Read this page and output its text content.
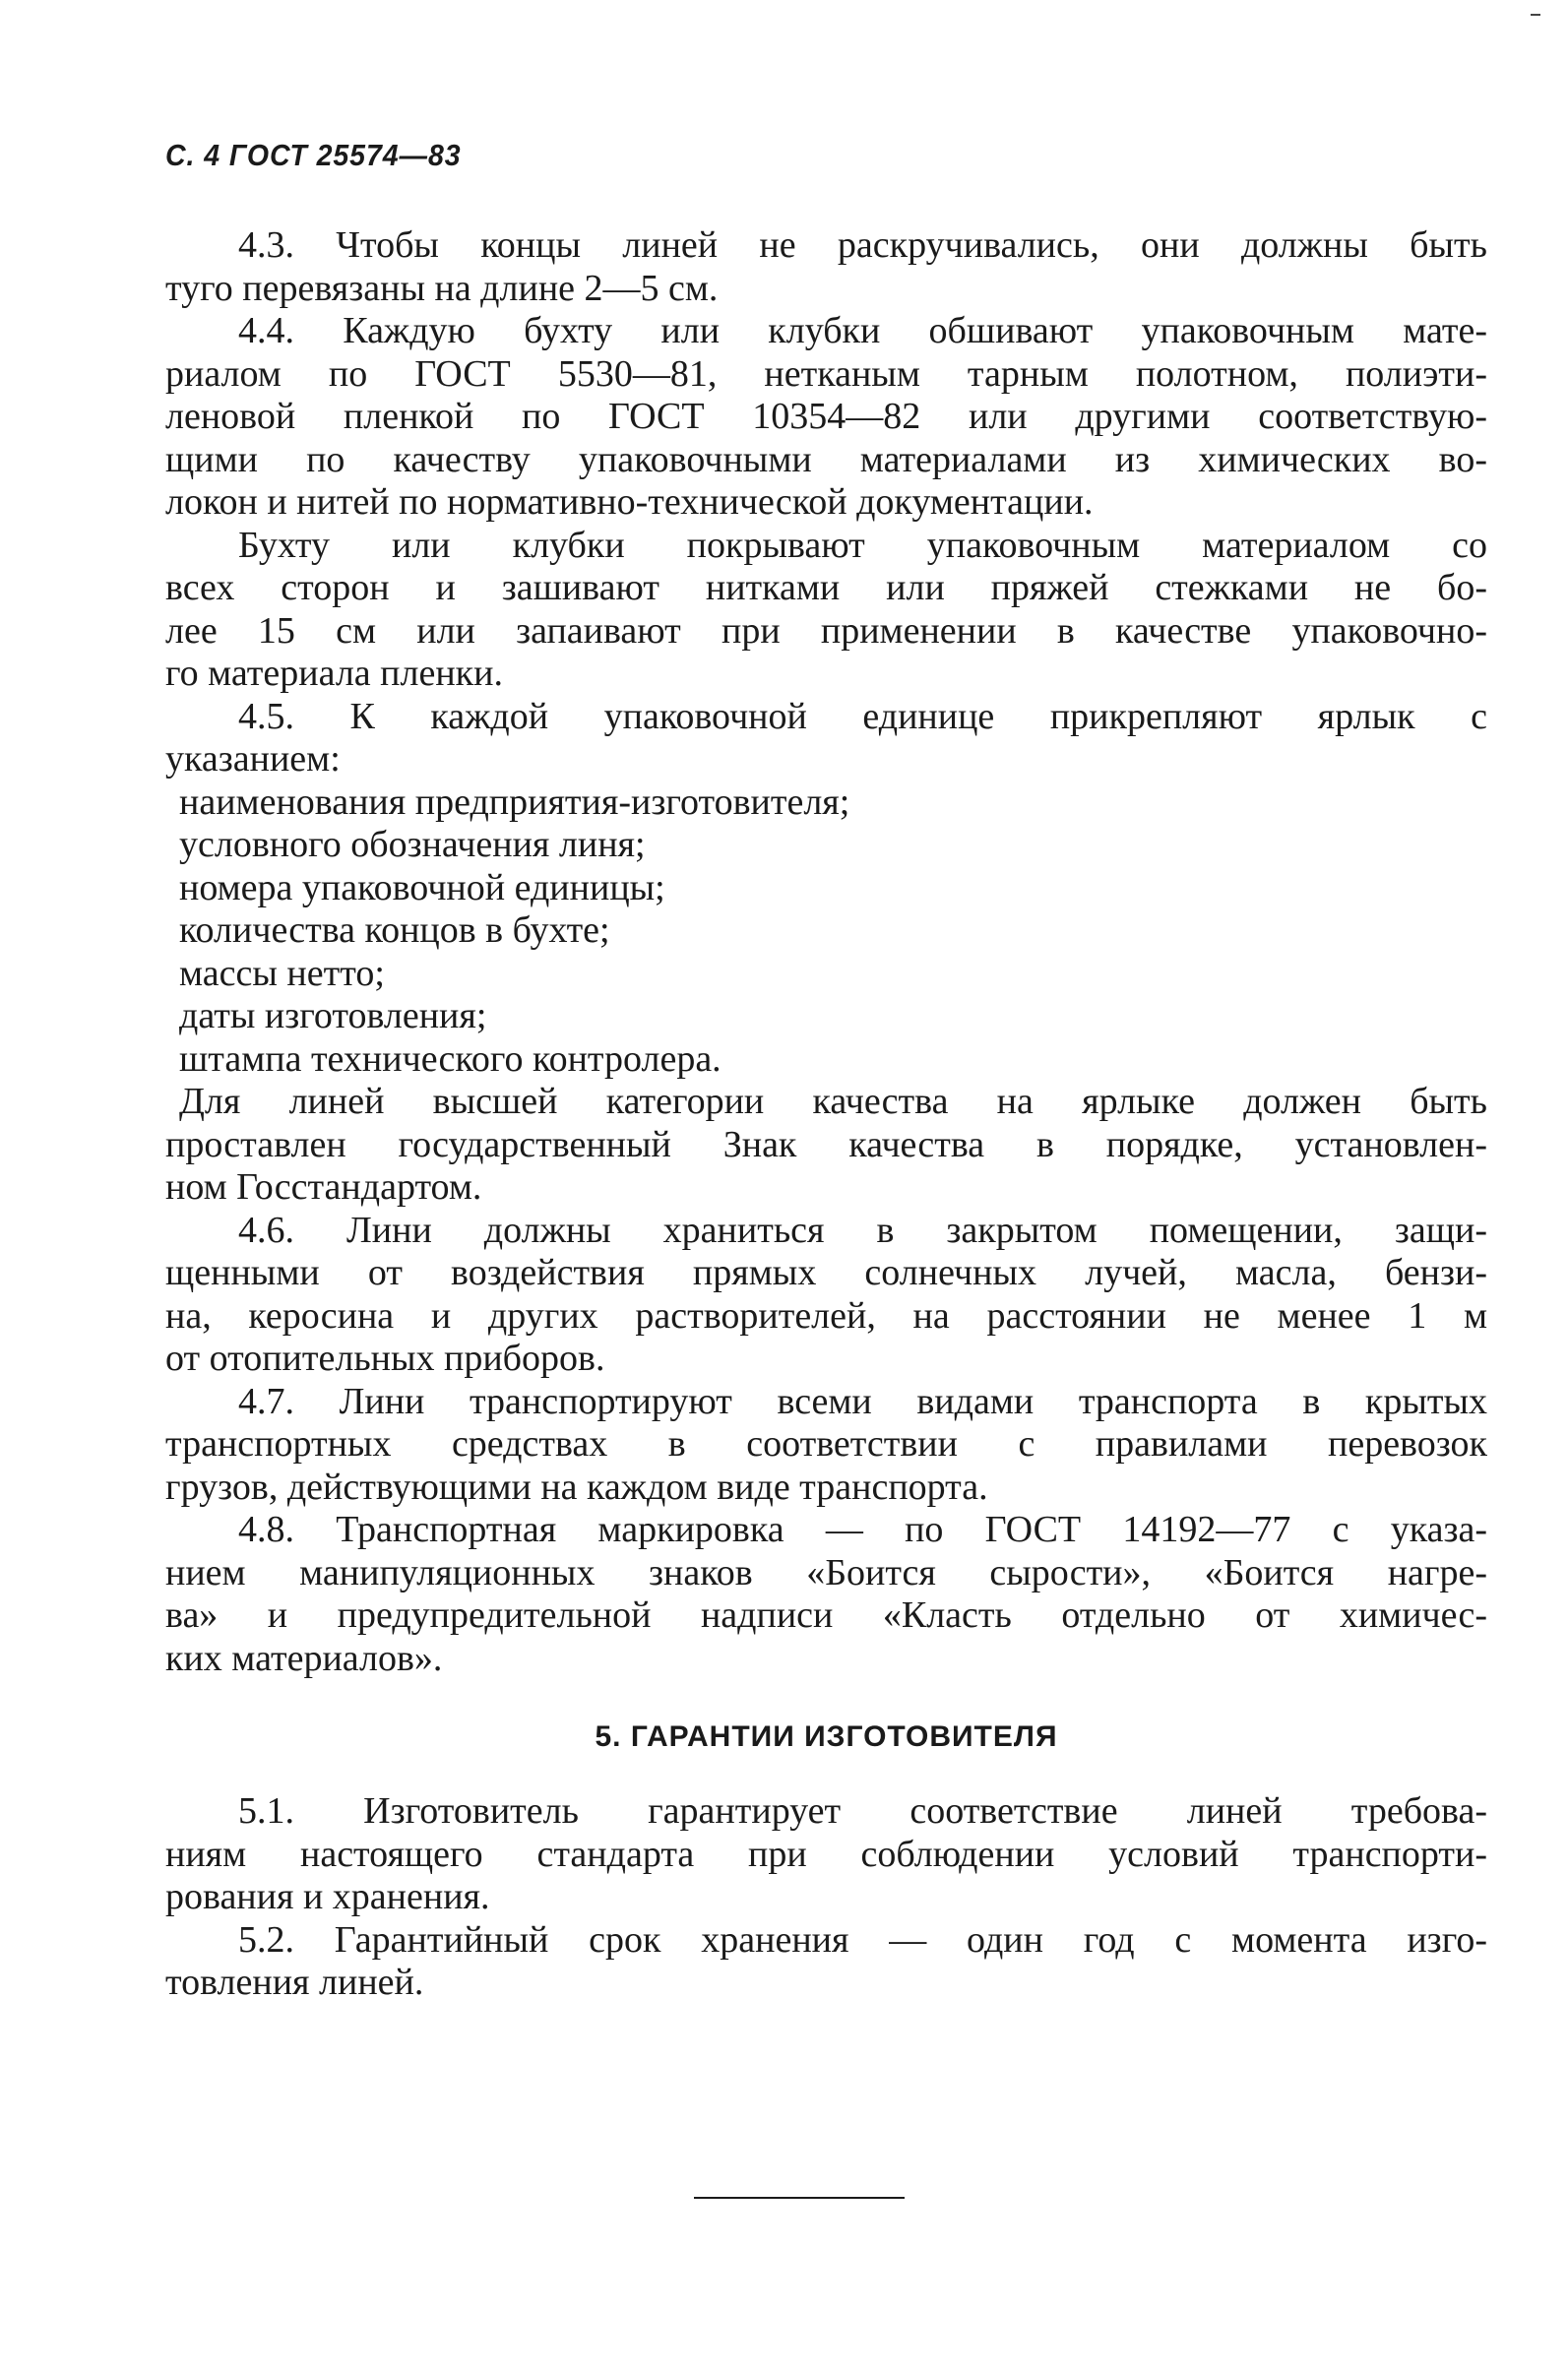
С. 4 ГОСТ 25574—83

4.3. Чтобы концы линей не раскручивались, они должны быть

туго перевязаны на длине 2—5 см.

4.4. Каждую бухту или клубки обшивают упаковочным мате-

риалом по ГОСТ 5530—81, нетканым тарным полотном, полиэти-

леновой пленкой по ГОСТ 10354—82 или другими соответствую-

щими по качеству упаковочными материалами из химических во-

локон и нитей по нормативно-технической документации.

Бухту или клубки покрывают упаковочным материалом со

всех сторон и зашивают нитками или пряжей стежками не бо-

лее 15 см или запаивают при применении в качестве упаковочно-

го материала пленки.

4.5. К каждой упаковочной единице прикрепляют ярлык с

указанием:

наименования предприятия-изготовителя;

условного обозначения линя;

номера упаковочной единицы;

количества концов в бухте;

массы нетто;

даты изготовления;

штампа технического контролера.

Для линей высшей категории качества на ярлыке должен быть

проставлен государственный Знак качества в порядке, установлен-

ном Госстандартом.

4.6. Лини должны храниться в закрытом помещении, защи-

щенными от воздействия прямых солнечных лучей, масла, бензи-

на, керосина и других растворителей, на расстоянии не менее 1 м

от отопительных приборов.

4.7. Лини транспортируют всеми видами транспорта в крытых

транспортных средствах в соответствии с правилами перевозок

грузов, действующими на каждом виде транспорта.

4.8. Транспортная маркировка — по ГОСТ 14192—77 с указа-

нием манипуляционных знаков «Боится сырости», «Боится нагре-

ва» и предупредительной надписи «Класть отдельно от химичес-

ких материалов».

5. ГАРАНТИИ ИЗГОТОВИТЕЛЯ

5.1. Изготовитель гарантирует соответствие линей требова-

ниям настоящего стандарта при соблюдении условий транспорти-

рования и хранения.

5.2. Гарантийный срок хранения — один год с момента изго-

товления линей.
